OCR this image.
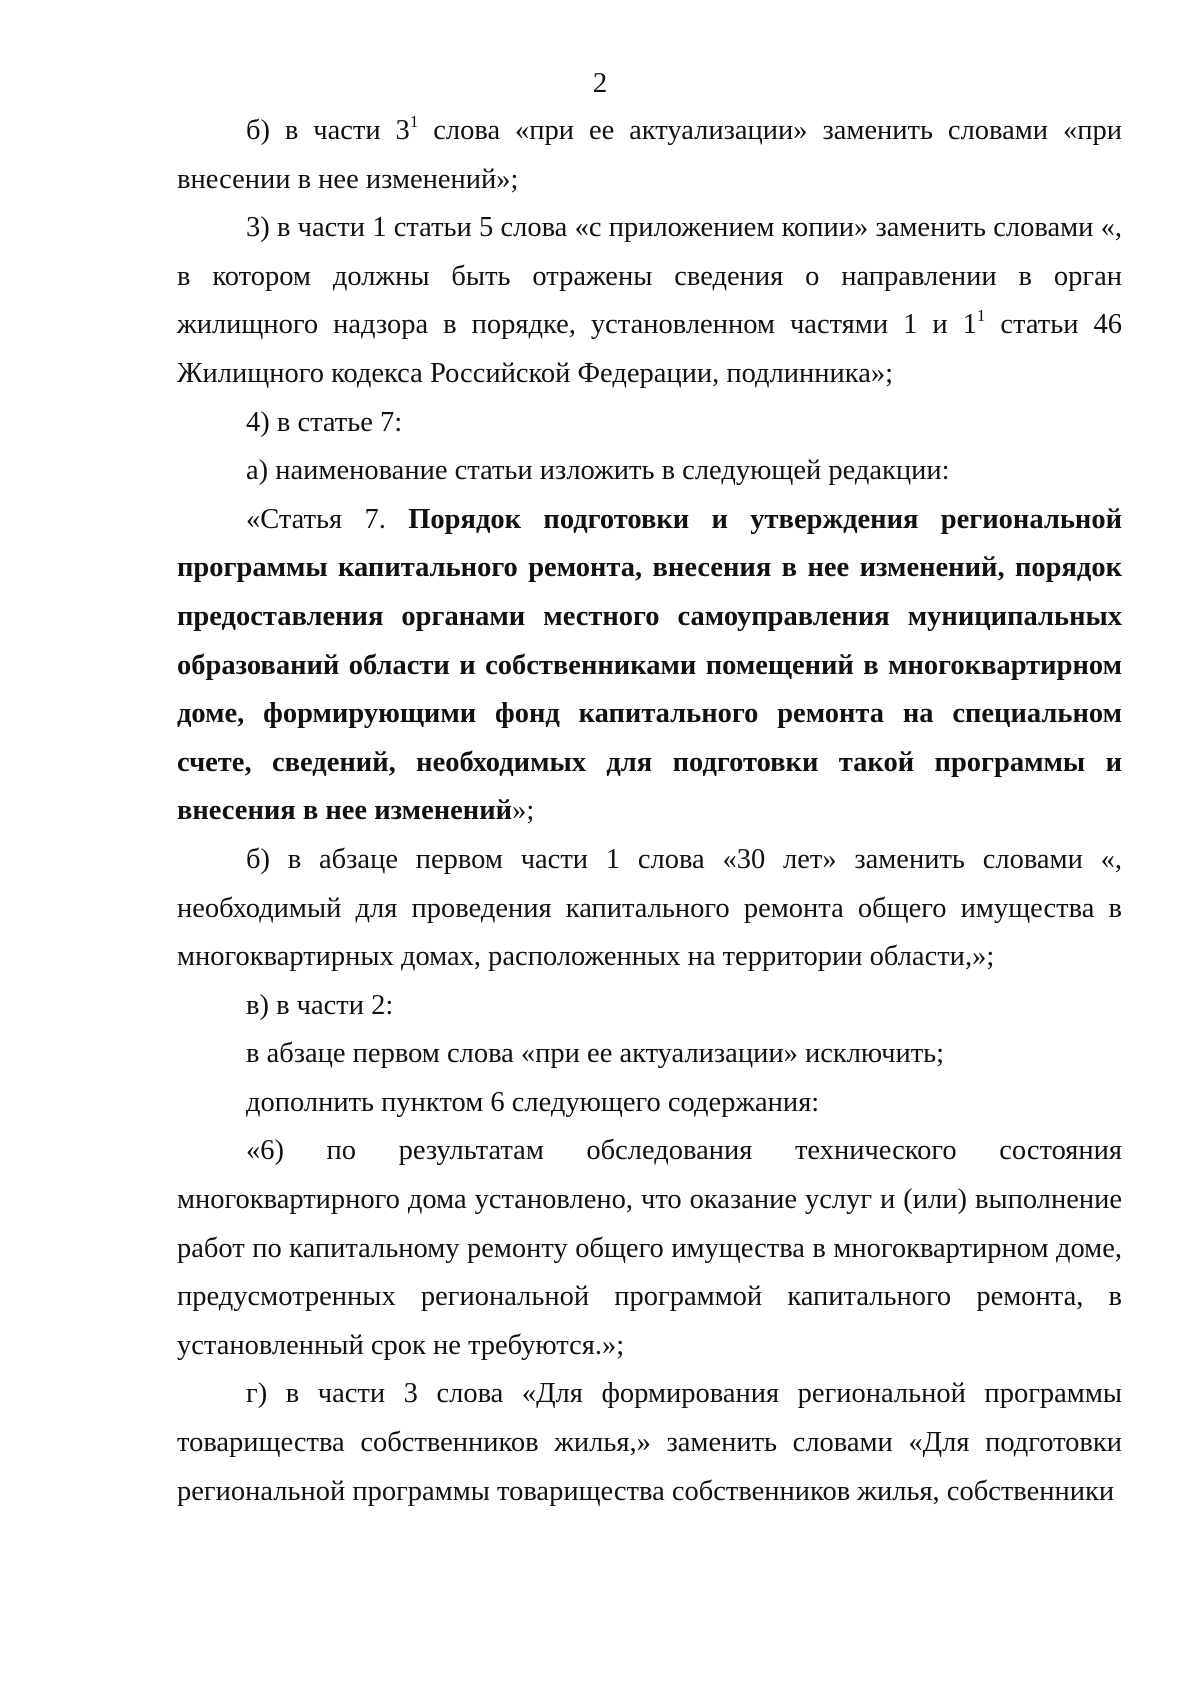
2

б) в части $3^1$ слова «при ее актуализации» заменить словами «при внесении в нее изменений»;

3) в части 1 статьи 5 слова «с приложением копии» заменить словами «, в котором должны быть отражены сведения о направлении в орган жилищного надзора в порядке, установленном частями 1 и $1^1$ статьи 46 Жилищного кодекса Российской Федерации, подлинника»;

4) в статье 7:

а) наименование статьи изложить в следующей редакции:

«Статья 7. Порядок подготовки и утверждения региональной программы капитального ремонта, внесения в нее изменений, порядок предоставления органами местного самоуправления муниципальных образований области и собственниками помещений в многоквартирном доме, формирующими фонд капитального ремонта на специальном счете, сведений, необходимых для подготовки такой программы и внесения в нее изменений»;

б) в абзаце первом части 1 слова «30 лет» заменить словами «, необходимый для проведения капитального ремонта общего имущества в многоквартирных домах, расположенных на территории области,»;

в) в части 2:

в абзаце первом слова «при ее актуализации» исключить;

дополнить пунктом 6 следующего содержания:

«6) по результатам обследования технического состояния многоквартирного дома установлено, что оказание услуг и (или) выполнение работ по капитальному ремонту общего имущества в многоквартирном доме, предусмотренных региональной программой капитального ремонта, в установленный срок не требуются.»;

г) в части 3 слова «Для формирования региональной программы товарищества собственников жилья,» заменить словами «Для подготовки региональной программы товарищества собственников жилья, собственники
